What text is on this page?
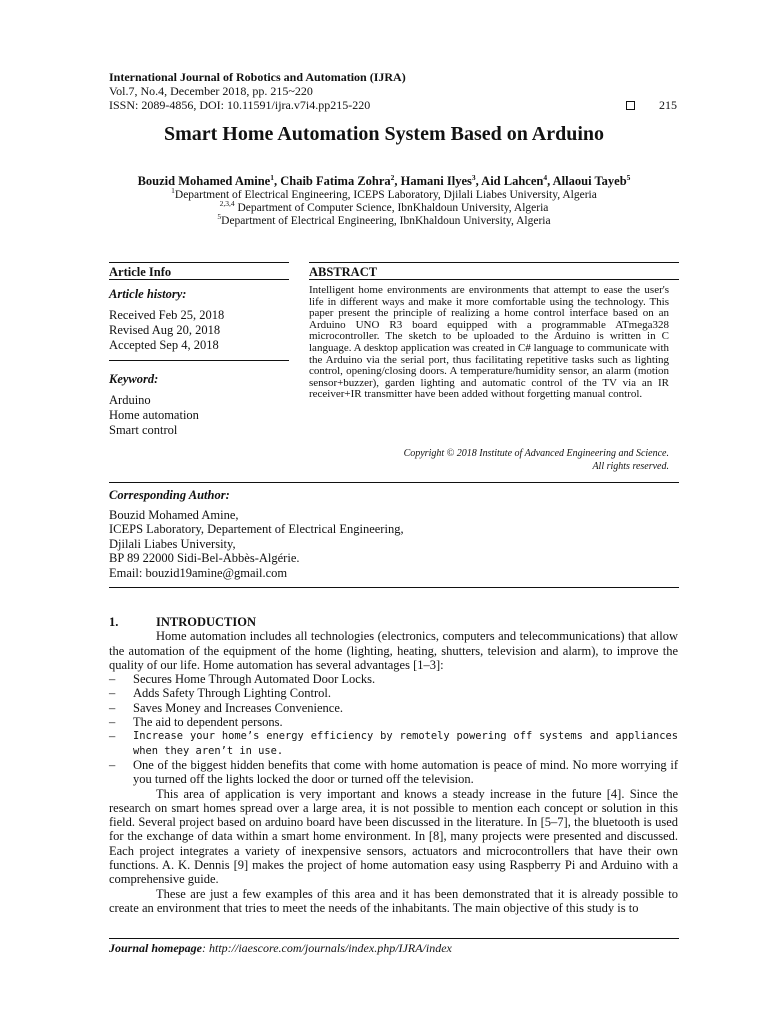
International Journal of Robotics and Automation (IJRA)
Vol.7, No.4, December 2018, pp. 215~220
ISSN: 2089-4856, DOI: 10.11591/ijra.v7i4.pp215-220	215
Smart Home Automation System Based on Arduino
Bouzid Mohamed Amine$^1$, Chaib Fatima Zohra$^2$, Hamani Ilyes$^3$, Aid Lahcen$^4$, Allaoui Tayeb$^5$
$^1$Department of Electrical Engineering, ICEPS Laboratory, Djilali Liabes University, Algeria
$^{2,3,4}$ Department of Computer Science, IbnKhaldoun University, Algeria
$^5$Department of Electrical Engineering, IbnKhaldoun University, Algeria
Article Info	ABSTRACT
Article history:
Received Feb 25, 2018
Revised Aug 20, 2018
Accepted Sep 4, 2018
Keyword:
Arduino
Home automation
Smart control
Intelligent home environments are environments that attempt to ease the user's life in different ways and make it more comfortable using the technology. This paper present the principle of realizing a home control interface based on an Arduino UNO R3 board equipped with a programmable ATmega328 microcontroller. The sketch to be uploaded to the Arduino is written in C language. A desktop application was created in C# language to communicate with the Arduino via the serial port, thus facilitating repetitive tasks such as lighting control, opening/closing doors. A temperature/humidity sensor, an alarm (motion sensor+buzzer), garden lighting and automatic control of the TV via an IR receiver+IR transmitter have been added without forgetting manual control.
Copyright © 2018 Institute of Advanced Engineering and Science.
All rights reserved.
Corresponding Author:
Bouzid Mohamed Amine,
ICEPS Laboratory, Departement of Electrical Engineering,
Djilali Liabes University,
BP 89 22000 Sidi-Bel-Abbès-Algérie.
Email: bouzid19amine@gmail.com
1.	INTRODUCTION
Home automation includes all technologies (electronics, computers and telecommunications) that allow the automation of the equipment of the home (lighting, heating, shutters, television and alarm), to improve the quality of our life. Home automation has several advantages [1–3]:
–	Secures Home Through Automated Door Locks.
–	Adds Safety Through Lighting Control.
–	Saves Money and Increases Convenience.
–	The aid to dependent persons.
–	Increase your home’s energy efficiency by remotely powering off systems and appliances when they aren’t in use.
–	One of the biggest hidden benefits that come with home automation is peace of mind. No more worrying if you turned off the lights locked the door or turned off the television.
This area of application is very important and knows a steady increase in the future [4]. Since the research on smart homes spread over a large area, it is not possible to mention each concept or solution in this field. Several project based on arduino board have been discussed in the literature. In [5–7], the bluetooth is used for the exchange of data within a smart home environment. In [8], many projects were presented and discussed. Each project integrates a variety of inexpensive sensors, actuators and microcontrollers that have their own functions. A. K. Dennis [9] makes the project of home automation easy using Raspberry Pi and Arduino with a comprehensive guide.
These are just a few examples of this area and it has been demonstrated that it is already possible to create an environment that tries to meet the needs of the inhabitants. The main objective of this study is to
Journal homepage: http://iaescore.com/journals/index.php/IJRA/index
